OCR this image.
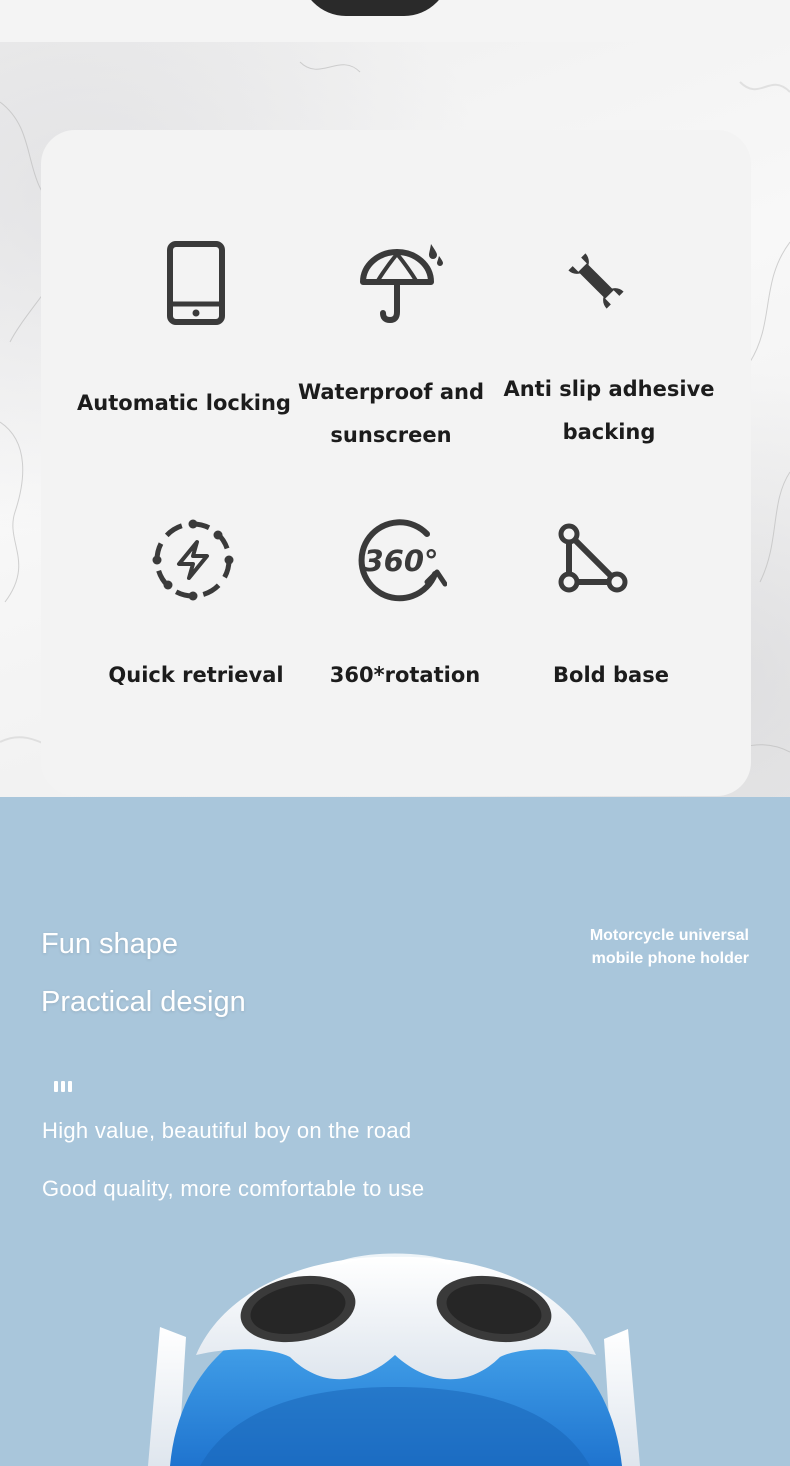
Automatic locking Waterproof and
sunscreen
Anti slip adhesive
backing
Quick retrieval
360°
360*rotation	Bold base
Fun shape
Practical design
Motorcycle universal
mobile phone holder
High value, beautiful boy on the road
Good quality, more comfortable to use
